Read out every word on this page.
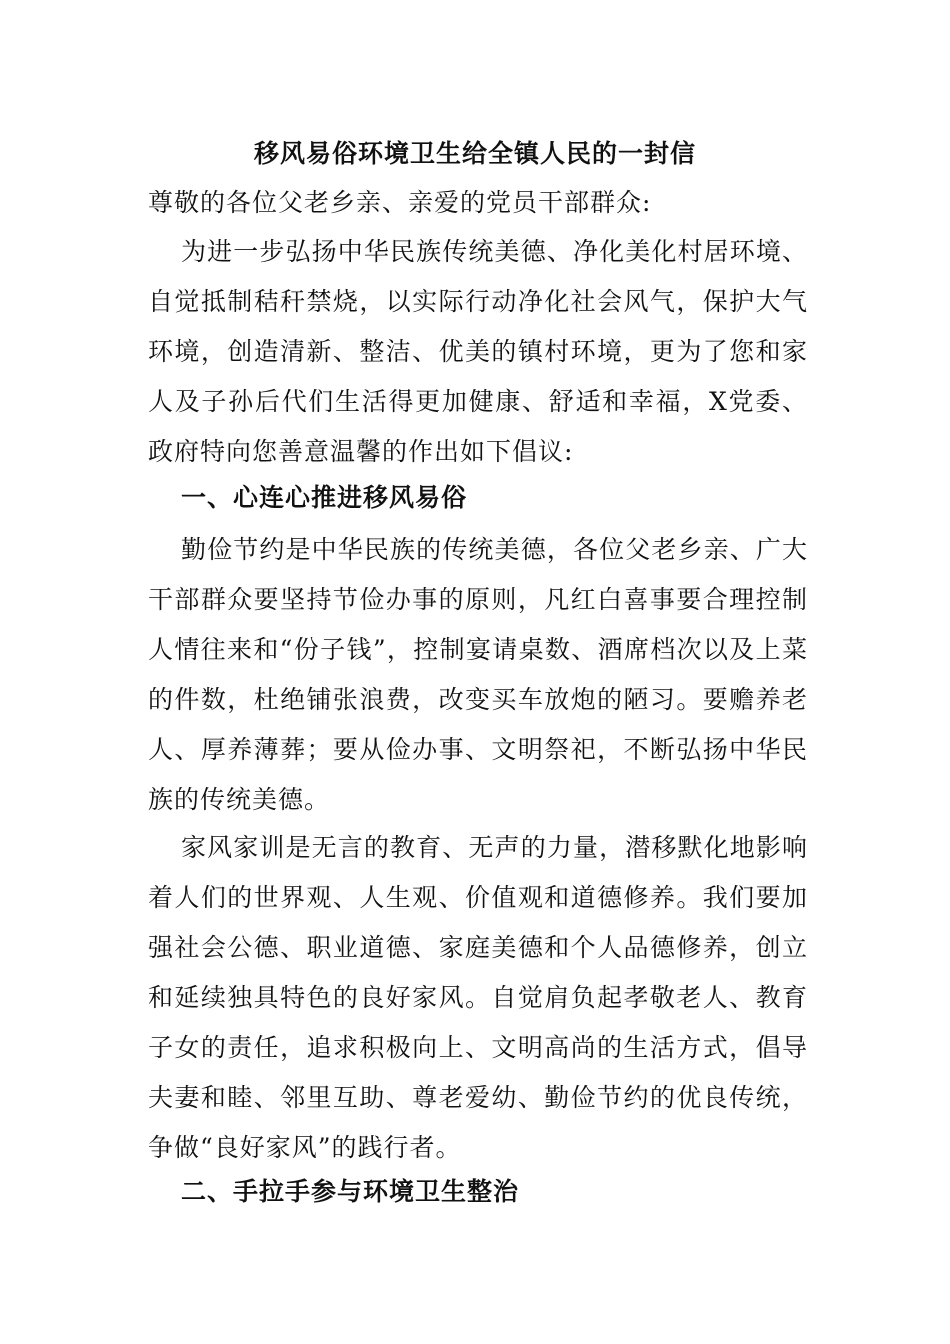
移风易俗环境卫生给全镇人民的一封信

尊敬的各位父老乡亲、亲爱的党员干部群众:

为进一步弘扬中华民族传统美德、净化美化村居环境、自觉抵制秸秆禁烧，以实际行动净化社会风气，保护大气环境，创造清新、整洁、优美的镇村环境，更为了您和家人及子孙后代们生活得更加健康、舒适和幸福，X党委、政府特向您善意温馨的作出如下倡议:

一、心连心推进移风易俗

勤俭节约是中华民族的传统美德，各位父老乡亲、广大干部群众要坚持节俭办事的原则，凡红白喜事要合理控制人情往来和“份子钱”，控制宴请桌数、酒席档次以及上菜的件数，杜绝铺张浪费，改变买车放炮的陋习。要赡养老人、厚养薄葬；要从俭办事、文明祭祀，不断弘扬中华民族的传统美德。

家风家训是无言的教育、无声的力量，潜移默化地影响着人们的世界观、人生观、价值观和道德修养。我们要加强社会公德、职业道德、家庭美德和个人品德修养，创立和延续独具特色的良好家风。自觉肩负起孝敬老人、教育子女的责任，追求积极向上、文明高尚的生活方式，倡导夫妻和睦、邻里互助、尊老爱幼、勤俭节约的优良传统，争做“良好家风”的践行者。

二、手拉手参与环境卫生整治
